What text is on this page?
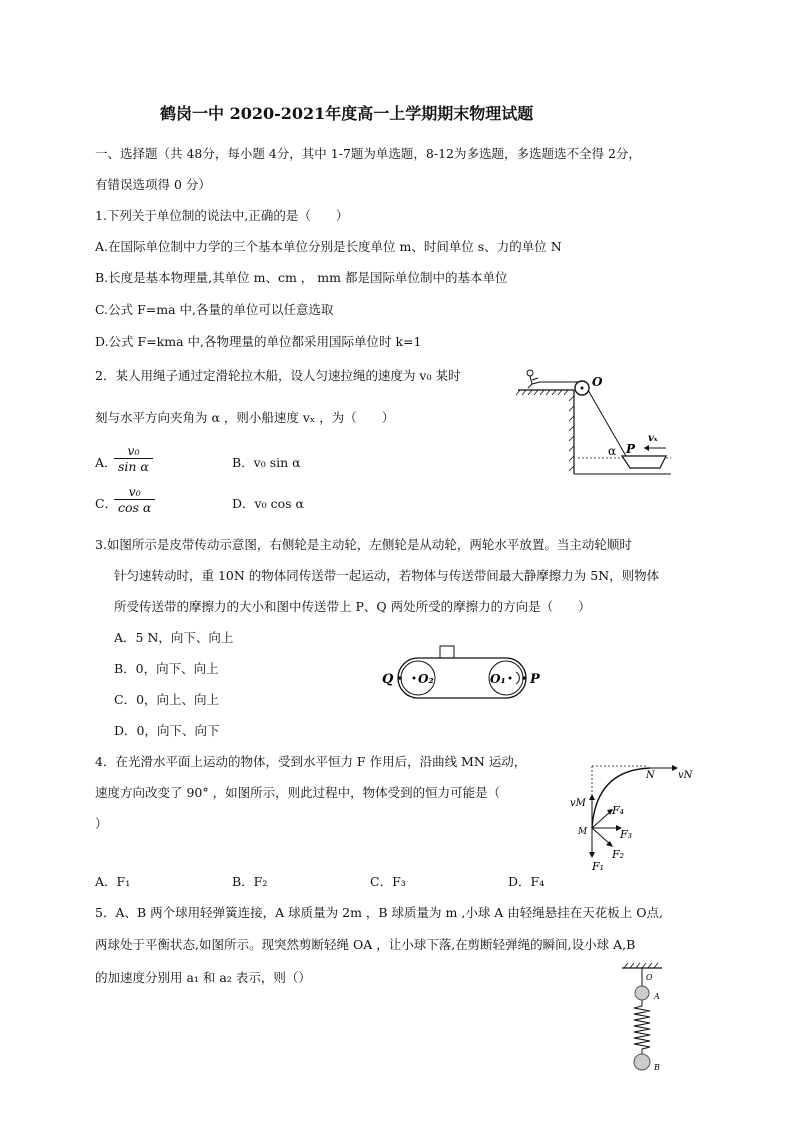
鹤岗一中 2020-2021年度高一上学期期末物理试题
一、选择题（共 48分，每小题 4分，其中 1-7题为单选题，8-12为多选题，多选题选不全得 2分，
有错误选项得 0 分）
1.下列关于单位制的说法中,正确的是（　　）
A.在国际单位制中力学的三个基本单位分别是长度单位 m、时间单位 s、力的单位 N
B.长度是基本物理量,其单位 m、cm ， mm 都是国际单位制中的基本单位
C.公式 F=ma 中,各量的单位可以任意选取
D.公式 F=kma 中,各物理量的单位都采用国际单位时 k=1
2．某人用绳子通过定滑轮拉木船，设人匀速拉绳的速度为 v₀ 某时
刻与水平方向夹角为 α ，则小船速度 vₓ ，为（　　）
A．
$\frac{\text{v₀}}{\text{sin α}}$	B．v₀ sin α
C．
$\frac{\text{v₀}}{\text{cos α}}$	D．v₀ cos α
O
α P
vₓ
3.如图所示是皮带传动示意图，右侧轮是主动轮，左侧轮是从动轮，两轮水平放置。当主动轮顺时
针匀速转动时，重 10N 的物体同传送带一起运动，若物体与传送带间最大静摩擦力为 5N，则物体
所受传送带的摩擦力的大小和图中传送带上 P、Q 两处所受的摩擦力的方向是（　　）
A．5 N，向下、向上
B．0，向下、向上
C．0，向上、向上
D．0，向下、向下
Q O₂	O₁ P
4．在光滑水平面上运动的物体，受到水平恒力 F 作用后，沿曲线 MN 运动，
速度方向改变了 90° ，如图所示，则此过程中，物体受到的恒力可能是（
）
A．F₁	B．F₂	C．F₃	D．F₄
N vN
vM
M
F₁
F₂
F₃
F₄
5．A、B 两个球用轻弹簧连接，A 球质量为 2m ，B 球质量为 m ,小球 A 由轻绳悬挂在天花板上 O点,
两球处于平衡状态,如图所示。现突然剪断轻绳 OA ，让小球下落,在剪断轻弹绳的瞬间,设小球 A,B
的加速度分别用 a₁ 和 a₂ 表示，则（）	O
A
B
